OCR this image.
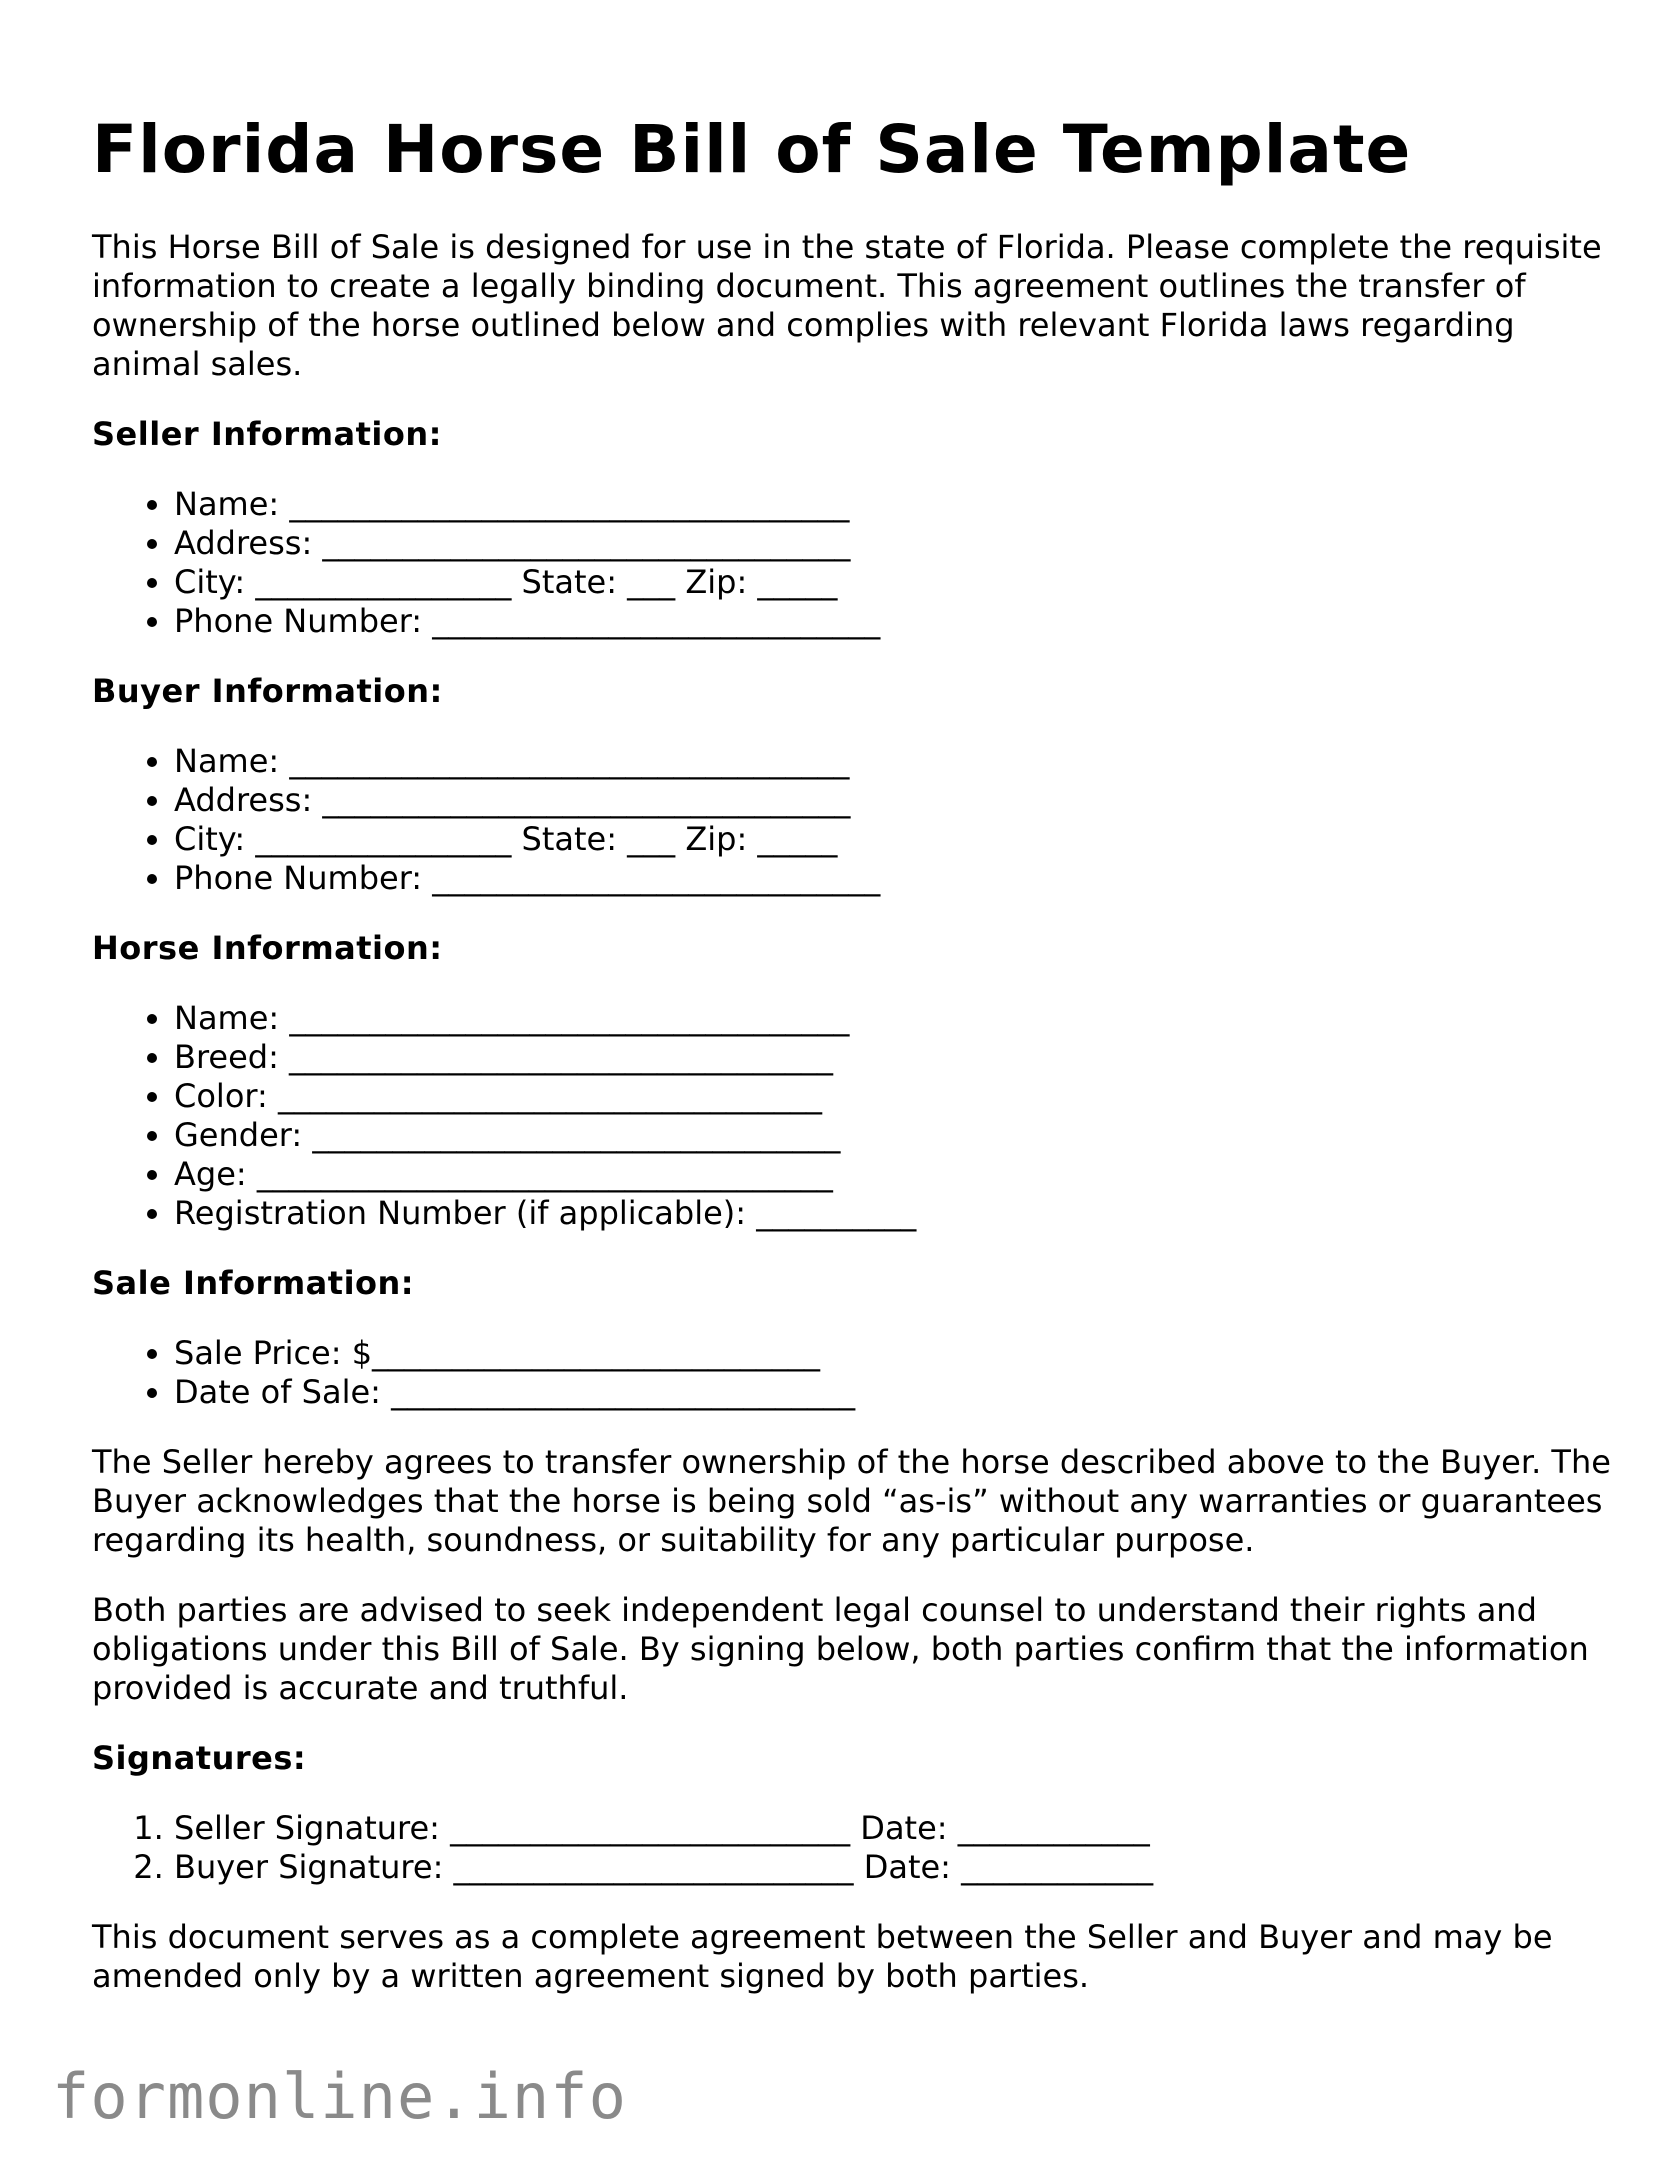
Florida Horse Bill of Sale Template

This Horse Bill of Sale is designed for use in the state of Florida. Please complete the requisite information to create a legally binding document. This agreement outlines the transfer of ownership of the horse outlined below and complies with relevant Florida laws regarding animal sales.

Seller Information:
• Name: ___________________________________
• Address: _________________________________
• City: ________________ State: ___ Zip: _____
• Phone Number: ____________________________
Buyer Information:
• Name: ___________________________________
• Address: _________________________________
• City: ________________ State: ___ Zip: _____
• Phone Number: ____________________________
Horse Information:
• Name: ___________________________________
• Breed: __________________________________
• Color: __________________________________
• Gender: _________________________________
• Age: ____________________________________
• Registration Number (if applicable): __________
Sale Information:
• Sale Price: $____________________________
• Date of Sale: _____________________________

The Seller hereby agrees to transfer ownership of the horse described above to the Buyer. The Buyer acknowledges that the horse is being sold “as-is” without any warranties or guarantees regarding its health, soundness, or suitability for any particular purpose.

Both parties are advised to seek independent legal counsel to understand their rights and obligations under this Bill of Sale. By signing below, both parties confirm that the information provided is accurate and truthful.

Signatures:
1. Seller Signature: _________________________ Date: ____________
2. Buyer Signature: _________________________ Date: ____________

This document serves as a complete agreement between the Seller and Buyer and may be amended only by a written agreement signed by both parties.

formonline.info
